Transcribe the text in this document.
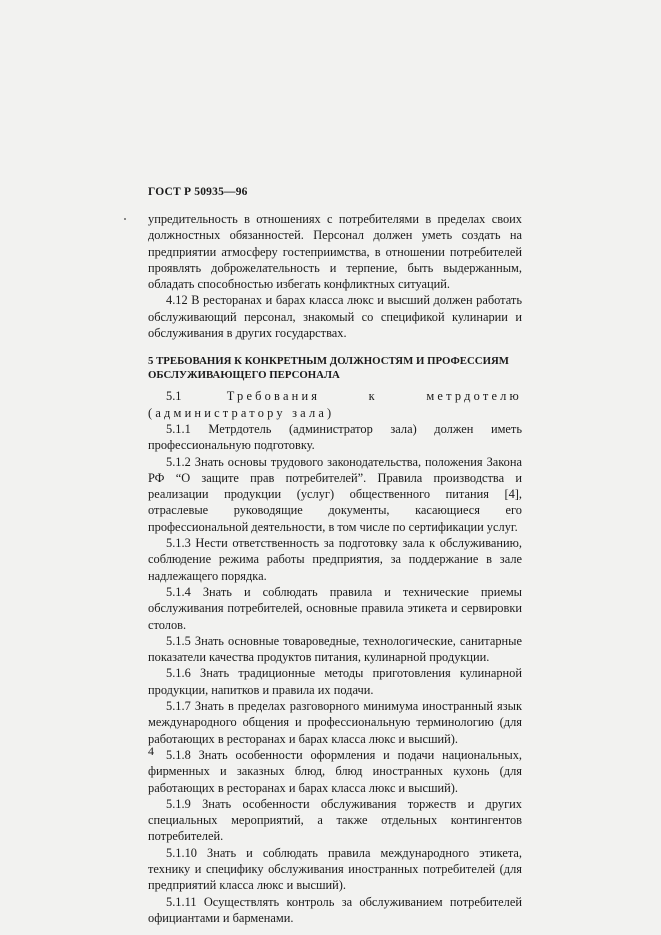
ГОСТ Р 50935—96

упредительность в отношениях с потребителями в пределах своих должностных обязанностей. Персонал должен уметь создать на предприятии атмосферу гостеприимства, в отношении потребителей проявлять доброжелательность и терпение, быть выдержанным, обладать способностью избегать конфликтных ситуаций.

4.12 В ресторанах и барах класса люкс и высший должен работать обслуживающий персонал, знакомый со спецификой кулинарии и обслуживания в других государствах.

5 ТРЕБОВАНИЯ К КОНКРЕТНЫМ ДОЛЖНОСТЯМ И ПРОФЕССИЯМ
ОБСЛУЖИВАЮЩЕГО ПЕРСОНАЛА

5.1	Требования к метрдотелю (администратору зала)

5.1.1 Метрдотель (администратор зала) должен иметь профессиональную подготовку.

5.1.2 Знать основы трудового законодательства, положения Закона РФ “О защите прав потребителей”. Правила производства и реализации продукции (услуг) общественного питания [4], отраслевые руководящие документы, касающиеся его профессиональной деятельности, в том числе по сертификации услуг.

5.1.3 Нести ответственность за подготовку зала к обслуживанию, соблюдение режима работы предприятия, за поддержание в зале надлежащего порядка.

5.1.4 Знать и соблюдать правила и технические приемы обслуживания потребителей, основные правила этикета и сервировки столов.

5.1.5 Знать основные товароведные, технологические, санитарные показатели качества продуктов питания, кулинарной продукции.

5.1.6 Знать традиционные методы приготовления кулинарной продукции, напитков и правила их подачи.

5.1.7 Знать в пределах разговорного минимума иностранный язык международного общения и профессиональную терминологию (для работающих в ресторанах и барах класса люкс и высший).

5.1.8 Знать особенности оформления и подачи национальных, фирменных и заказных блюд, блюд иностранных кухонь (для работающих в ресторанах и барах класса люкс и высший).

5.1.9 Знать особенности обслуживания торжеств и других специальных мероприятий, а также отдельных контингентов потребителей.

5.1.10 Знать и соблюдать правила международного этикета, технику и специфику обслуживания иностранных потребителей (для предприятий класса люкс и высший).

5.1.11 Осуществлять контроль за обслуживанием потребителей официантами и барменами.

4
